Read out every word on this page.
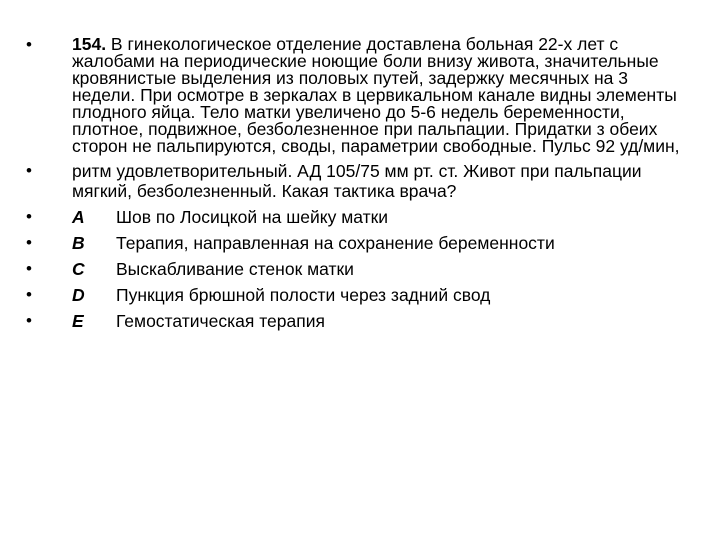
• 154. В гинекологическое отделение доставлена больная 22-х лет с жалобами на периодические ноющие боли внизу живота, значительные кровянистые выделения из половых путей, задержку месячных на 3 недели. При осмотре в зеркалах в цервикальном канале видны элементы плодного яйца. Тело матки увеличено до 5-6 недель беременности, плотное, подвижное, безболезненное при пальпации. Придатки з обеих сторон не пальпируются, своды, параметрии свободные. Пульс 92 уд/мин,
• ритм удовлетворительный. АД 105/75 мм рт. ст. Живот при пальпации мягкий, безболезненный. Какая тактика врача?
• A	Шов по Лосицкой на шейку матки
• B	Терапия, направленная на сохранение беременности
• C	Выскабливание стенок матки
• D	Пункция брюшной полости через задний свод
• E	Гемостатическая терапия
